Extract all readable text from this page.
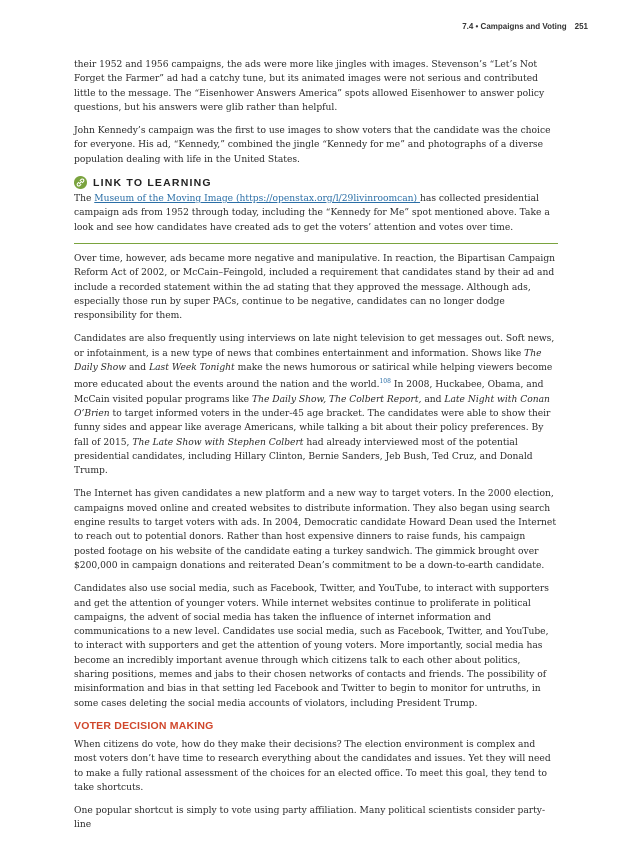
7.4 • Campaigns and Voting 251

their 1952 and 1956 campaigns, the ads were more like jingles with images. Stevenson’s “Let’s Not Forget the Farmer” ad had a catchy tune, but its animated images were not serious and contributed little to the message. The “Eisenhower Answers America” spots allowed Eisenhower to answer policy questions, but his answers were glib rather than helpful.

John Kennedy’s campaign was the first to use images to show voters that the candidate was the choice for everyone. His ad, “Kennedy,” combined the jingle “Kennedy for me” and photographs of a diverse population dealing with life in the United States.

LINK TO LEARNING

The Museum of the Moving Image (https://openstax.org/l/29livinroomcan) has collected presidential campaign ads from 1952 through today, including the “Kennedy for Me” spot mentioned above. Take a look and see how candidates have created ads to get the voters’ attention and votes over time.

Over time, however, ads became more negative and manipulative. In reaction, the Bipartisan Campaign Reform Act of 2002, or McCain–Feingold, included a requirement that candidates stand by their ad and include a recorded statement within the ad stating that they approved the message. Although ads, especially those run by super PACs, continue to be negative, candidates can no longer dodge responsibility for them.

Candidates are also frequently using interviews on late night television to get messages out. Soft news, or infotainment, is a new type of news that combines entertainment and information. Shows like The Daily Show and Last Week Tonight make the news humorous or satirical while helping viewers become more educated about the events around the nation and the world.$^{108}$ In 2008, Huckabee, Obama, and McCain visited popular programs like The Daily Show, The Colbert Report, and Late Night with Conan O’Brien to target informed voters in the under-45 age bracket. The candidates were able to show their funny sides and appear like average Americans, while talking a bit about their policy preferences. By fall of 2015, The Late Show with Stephen Colbert had already interviewed most of the potential presidential candidates, including Hillary Clinton, Bernie Sanders, Jeb Bush, Ted Cruz, and Donald Trump.

The Internet has given candidates a new platform and a new way to target voters. In the 2000 election, campaigns moved online and created websites to distribute information. They also began using search engine results to target voters with ads. In 2004, Democratic candidate Howard Dean used the Internet to reach out to potential donors. Rather than host expensive dinners to raise funds, his campaign posted footage on his website of the candidate eating a turkey sandwich. The gimmick brought over $200,000 in campaign donations and reiterated Dean’s commitment to be a down-to-earth candidate.

Candidates also use social media, such as Facebook, Twitter, and YouTube, to interact with supporters and get the attention of younger voters. While internet websites continue to proliferate in political campaigns, the advent of social media has taken the influence of internet information and communications to a new level. Candidates use social media, such as Facebook, Twitter, and YouTube, to interact with supporters and get the attention of young voters. More importantly, social media has become an incredibly important avenue through which citizens talk to each other about politics, sharing positions, memes and jabs to their chosen networks of contacts and friends. The possibility of misinformation and bias in that setting led Facebook and Twitter to begin to monitor for untruths, in some cases deleting the social media accounts of violators, including President Trump.

VOTER DECISION MAKING

When citizens do vote, how do they make their decisions? The election environment is complex and most voters don’t have time to research everything about the candidates and issues. Yet they will need to make a fully rational assessment of the choices for an elected office. To meet this goal, they tend to take shortcuts.

One popular shortcut is simply to vote using party affiliation. Many political scientists consider party-line
